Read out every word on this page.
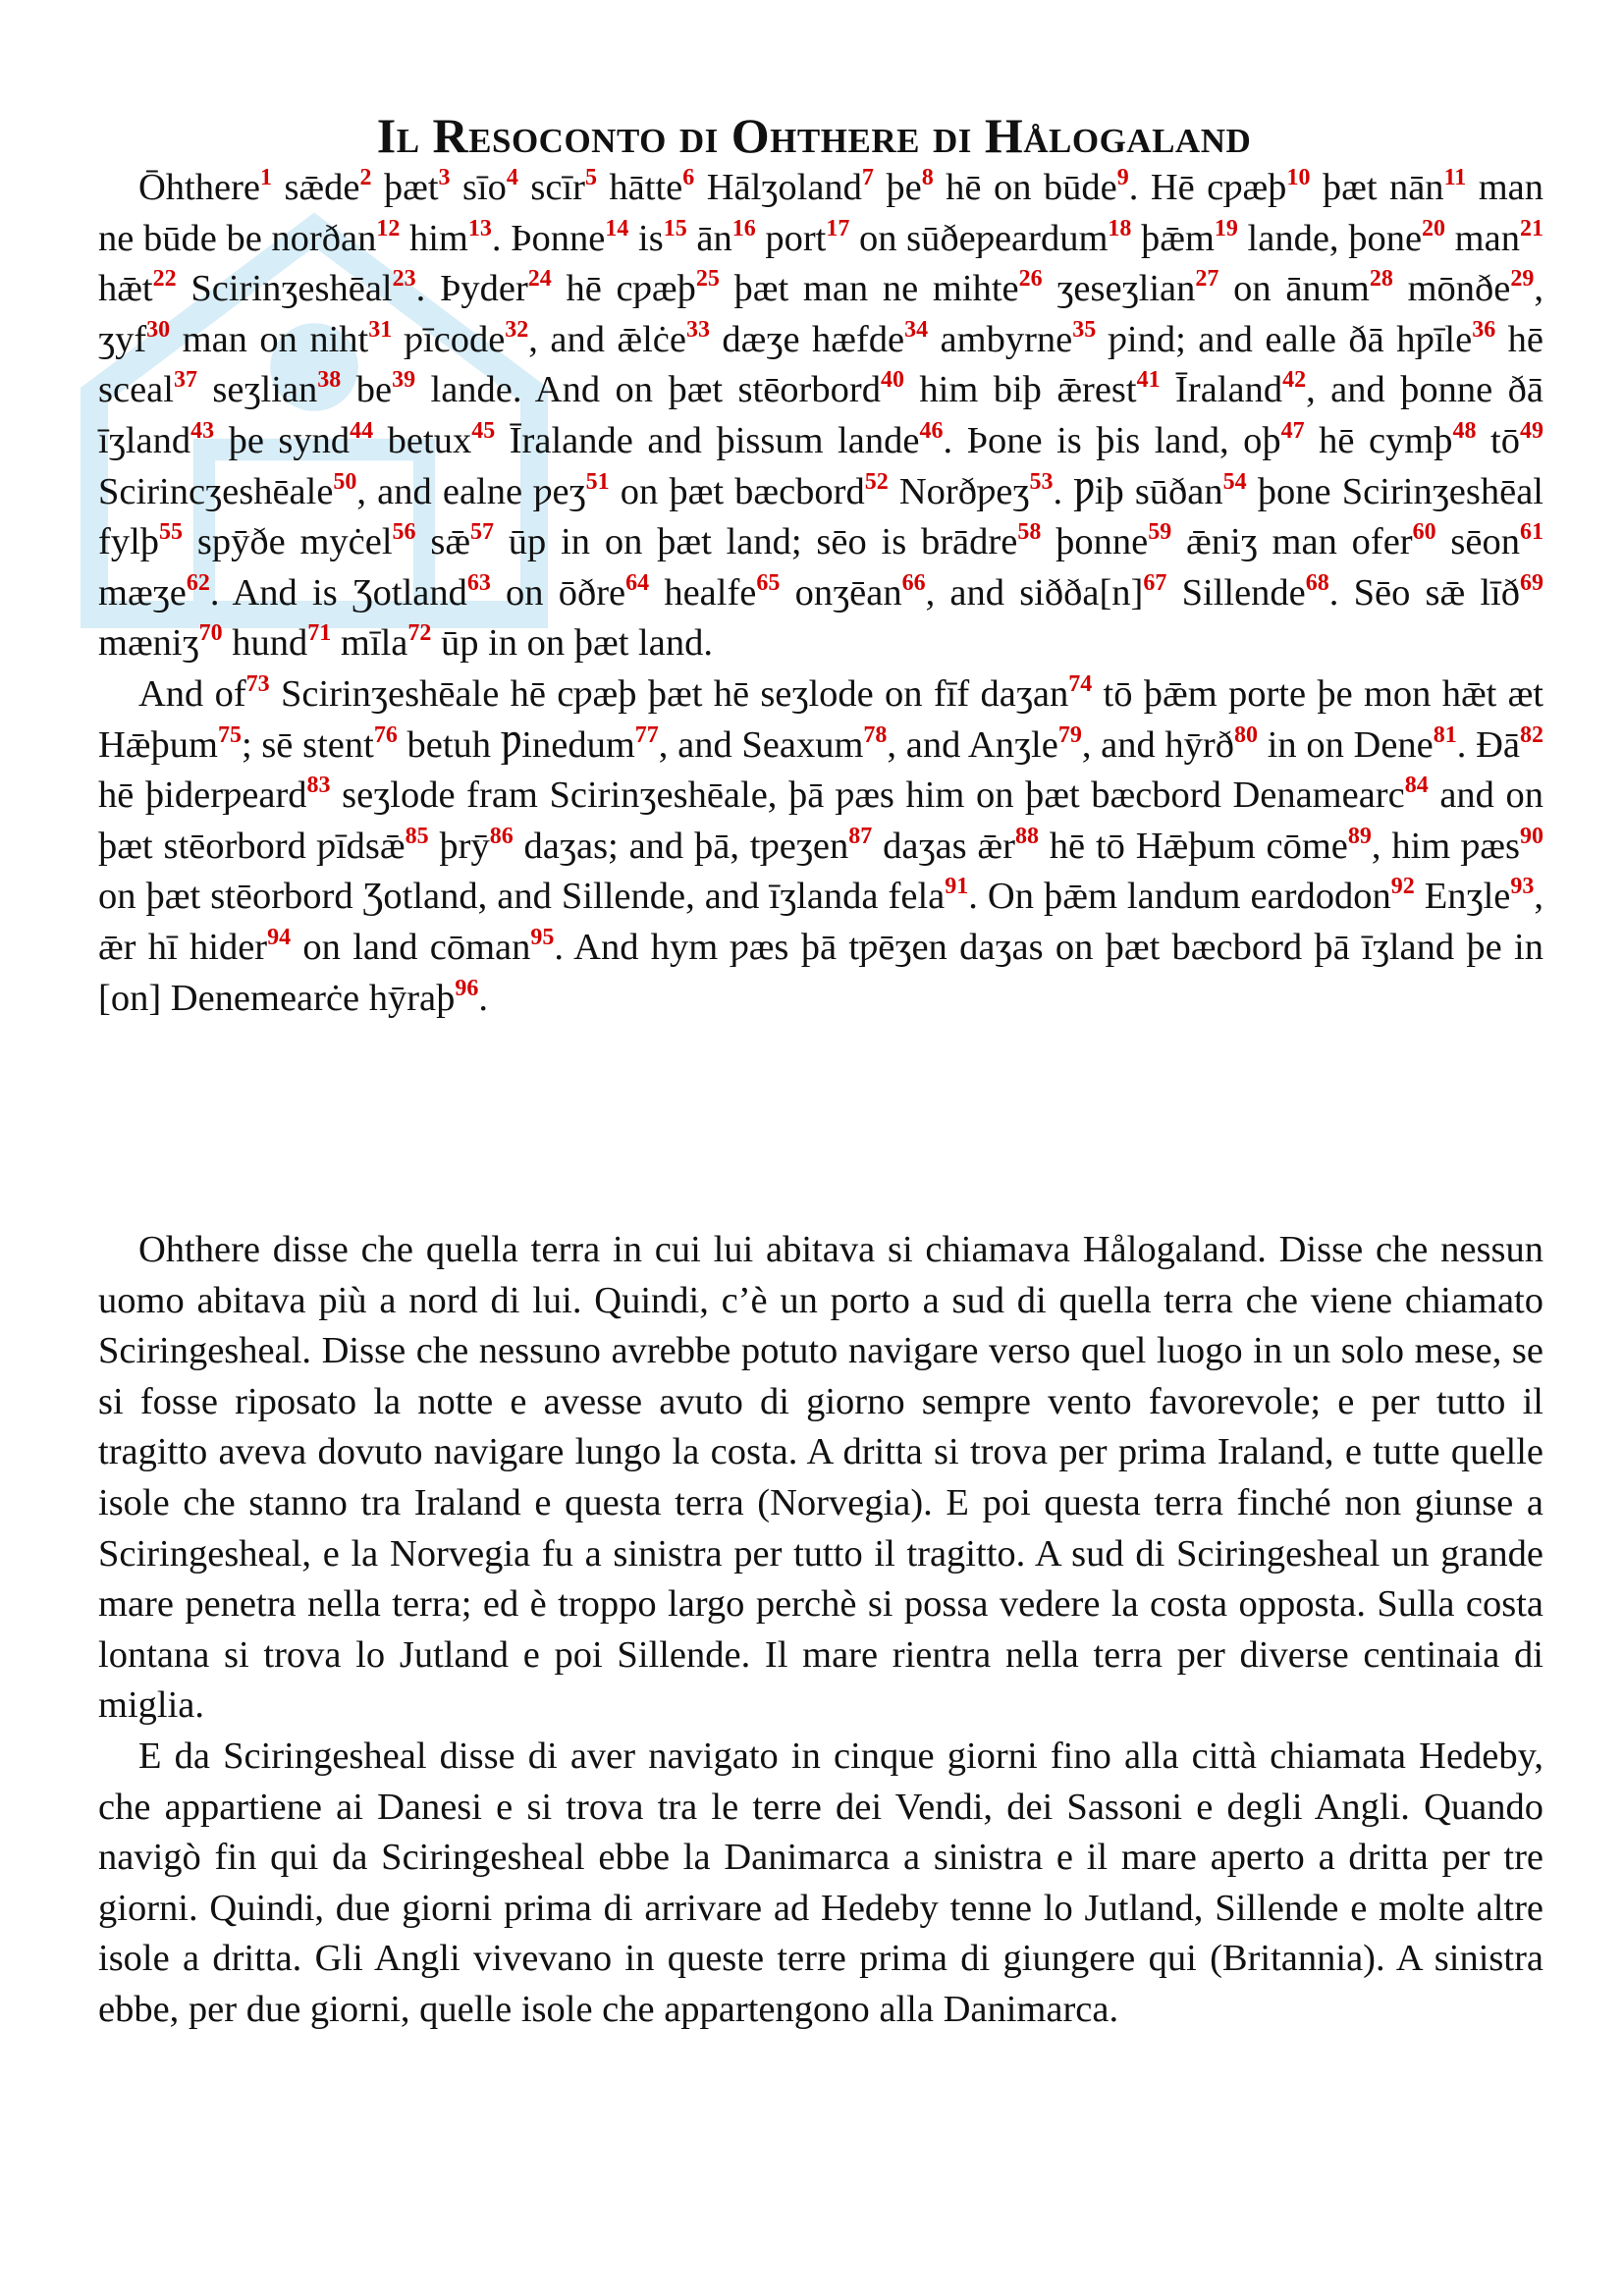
Il Resoconto di Ohthere di Hålogaland

Ōhthere$^1$ sǣde$^2$ þæt$^3$ sīo$^4$ scīr$^5$ hātte$^6$ Hālʒoland$^7$ $þe^8$ hē on būde$^9$. Hē cƿæþ$^{10}$ þæt nān$^{11}$ man ne būde be norðan$^{12}$ him$^{13}$. Þonne$^{14}$ $is^{15}$ $ān^{16}$ port$^{17}$ on sūðeƿeardum$^{18}$ þǣm$^{19}$ lande, þone$^{20}$ man$^{21}$ hǣt$^{22}$ Scirinʒeshēal$^{23}$. Þyder$^{24}$ hē cƿæþ$^{25}$ þæt man ne mihte$^{26}$ ʒeseʒlian$^{27}$ on ānum$^{28}$ mōnðe$^{29}$, ʒyf$^{30}$ man on niht$^{31}$ ƿīcode$^{32}$, and ǣlċe$^{33}$ dæʒe hæfde$^{34}$ ambyrne$^{35}$ ƿind; and ealle ðā hƿīle$^{36}$ hē sceal$^{37}$ seʒlian$^{38}$ $be^{39}$ lande. And on þæt stēorbord$^{40}$ him biþ ǣrest$^{41}$ Īraland$^{42}$, and þonne ðā īʒland$^{43}$ þe synd$^{44}$ betux$^{45}$ Īralande and þissum lande$^{46}$. Þone is þis land, $oþ^{47}$ hē cymþ$^{48}$ $tō^{49}$ Scirincʒeshēale$^{50}$, and ealne ƿeʒ$^{51}$ on þæt bæcbord$^{52}$ Norðƿeʒ$^{53}$. Ƿiþ sūðan$^{54}$ þone Scirinʒeshēal fylþ$^{55}$ spȳðe myċel$^{56}$ $sǣ^{57}$ ūp in on þæt land; sēo is brādre$^{58}$ þonne$^{59}$ ǣniʒ man ofer$^{60}$ sēon$^{61}$ mæʒe$^{62}$. And is Ʒotland$^{63}$ on ōðre$^{64}$ healfe$^{65}$ onʒēan$^{66}$, and $siððа[n]^{67}$ Sillende$^{68}$. Sēo sǣ līð$^{69}$ mæniʒ$^{70}$ hund$^{71}$ mīla$^{72}$ ūp in on þæt land.

And $of^{73}$ Scirinʒeshēale hē cƿæþ þæt hē seʒlode on fīf daʒan$^{74}$ tō þǣm porte þe mon hǣt æt Hǣþum$^{75}$; sē stent$^{76}$ betuh Ƿinedum$^{77}$, and Seaxum$^{78}$, and Anʒle$^{79}$, and hȳrð$^{80}$ in on Dene$^{81}$. $Ðā^{82}$ hē þiderƿeard$^{83}$ seʒlode fram Scirinʒeshēale, þā ƿæs him on þæt bæcbord Denamearc$^{84}$ and on þæt stēorbord ƿīdsǣ$^{85}$ þrȳ$^{86}$ daʒas; and þā, tƿeʒen$^{87}$ daʒas $ǣr^{88}$ hē tō Hǣþum cōme$^{89}$, him ƿæs$^{90}$ on þæt stēorbord Ʒotland, and Sillende, and īʒlanda fela$^{91}$. On þǣm landum eardodon$^{92}$ Enʒle$^{93}$, ǣr hī hider$^{94}$ on land cōman$^{95}$. And hym ƿæs þā tƿēʒen daʒas on þæt bæcbord þā īʒland þe in [on] Denemearċe hȳraþ$^{96}$.

Ohthere disse che quella terra in cui lui abitava si chiamava Hålogaland. Disse che nessun uomo abitava più a nord di lui. Quindi, c’è un porto a sud di quella terra che viene chiamato Sciringesheal. Disse che nessuno avrebbe potuto navigare verso quel luogo in un solo mese, se si fosse riposato la notte e avesse avuto di giorno sempre vento favorevole; e per tutto il tragitto aveva dovuto navigare lungo la costa. A dritta si trova per prima Iraland, e tutte quelle isole che stanno tra Iraland e questa terra (Norvegia). E poi questa terra finché non giunse a Sciringesheal, e la Norvegia fu a sinistra per tutto il tragitto. A sud di Sciringesheal un grande mare penetra nella terra; ed è troppo largo perchè si possa vedere la costa opposta. Sulla costa lontana si trova lo Jutland e poi Sillende. Il mare rientra nella terra per diverse centinaia di miglia.

E da Sciringesheal disse di aver navigato in cinque giorni fino alla città chiamata Hedeby, che appartiene ai Danesi e si trova tra le terre dei Vendi, dei Sassoni e degli Angli. Quando navigò fin qui da Sciringesheal ebbe la Danimarca a sinistra e il mare aperto a dritta per tre giorni. Quindi, due giorni prima di arrivare ad Hedeby tenne lo Jutland, Sillende e molte altre isole a dritta. Gli Angli vivevano in queste terre prima di giungere qui (Britannia). A sinistra ebbe, per due giorni, quelle isole che appartengono alla Danimarca.
